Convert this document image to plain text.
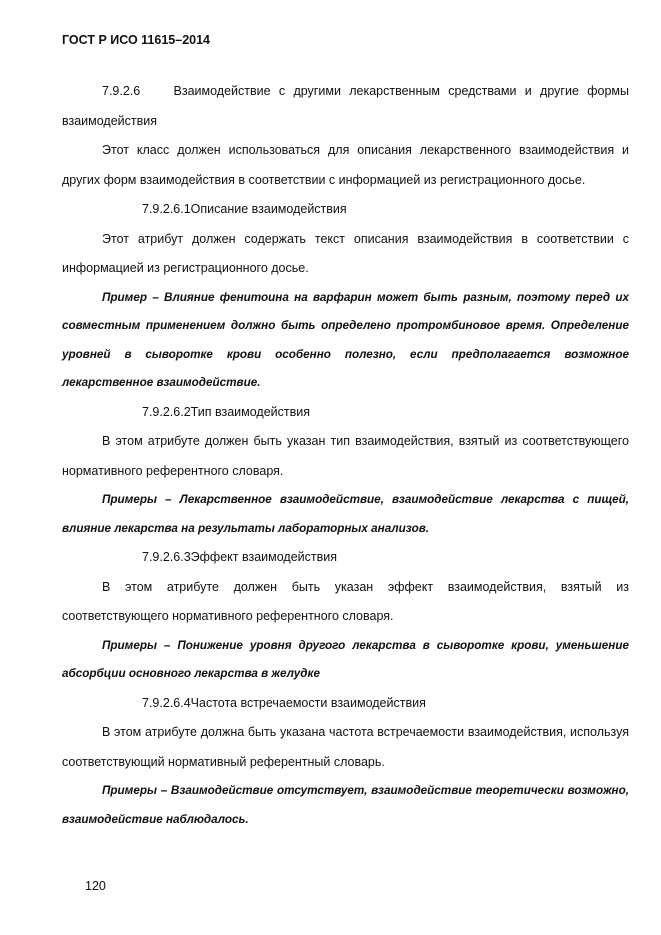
ГОСТ Р ИСО 11615–2014

7.9.2.6	Взаимодействие с другими лекарственным средствами и другие формы взаимодействия

Этот класс должен использоваться для описания лекарственного взаимодействия и других форм взаимодействия в соответствии с информацией из регистрационного досье.

7.9.2.6.1Описание взаимодействия

Этот атрибут должен содержать текст описания взаимодействия в соответствии с информацией из регистрационного досье.

Пример – Влияние фенитоина на варфарин может быть разным, поэтому перед их совместным применением должно быть определено протромбиновое время. Определение уровней в сыворотке крови особенно полезно, если предполагается возможное лекарственное взаимодействие.

7.9.2.6.2Тип взаимодействия

В этом атрибуте должен быть указан тип взаимодействия, взятый из соответствующего нормативного референтного словаря.

Примеры – Лекарственное взаимодействие, взаимодействие лекарства с пищей, влияние лекарства на результаты лабораторных анализов.

7.9.2.6.3Эффект взаимодействия

В этом атрибуте должен быть указан эффект взаимодействия, взятый из соответствующего нормативного референтного словаря.

Примеры – Понижение уровня другого лекарства в сыворотке крови, уменьшение абсорбции основного лекарства в желудке

7.9.2.6.4Частота встречаемости взаимодействия

В этом атрибуте должна быть указана частота встречаемости взаимодействия, используя соответствующий нормативный референтный словарь.

Примеры – Взаимодействие отсутствует, взаимодействие теоретически возможно, взаимодействие наблюдалось.

120
